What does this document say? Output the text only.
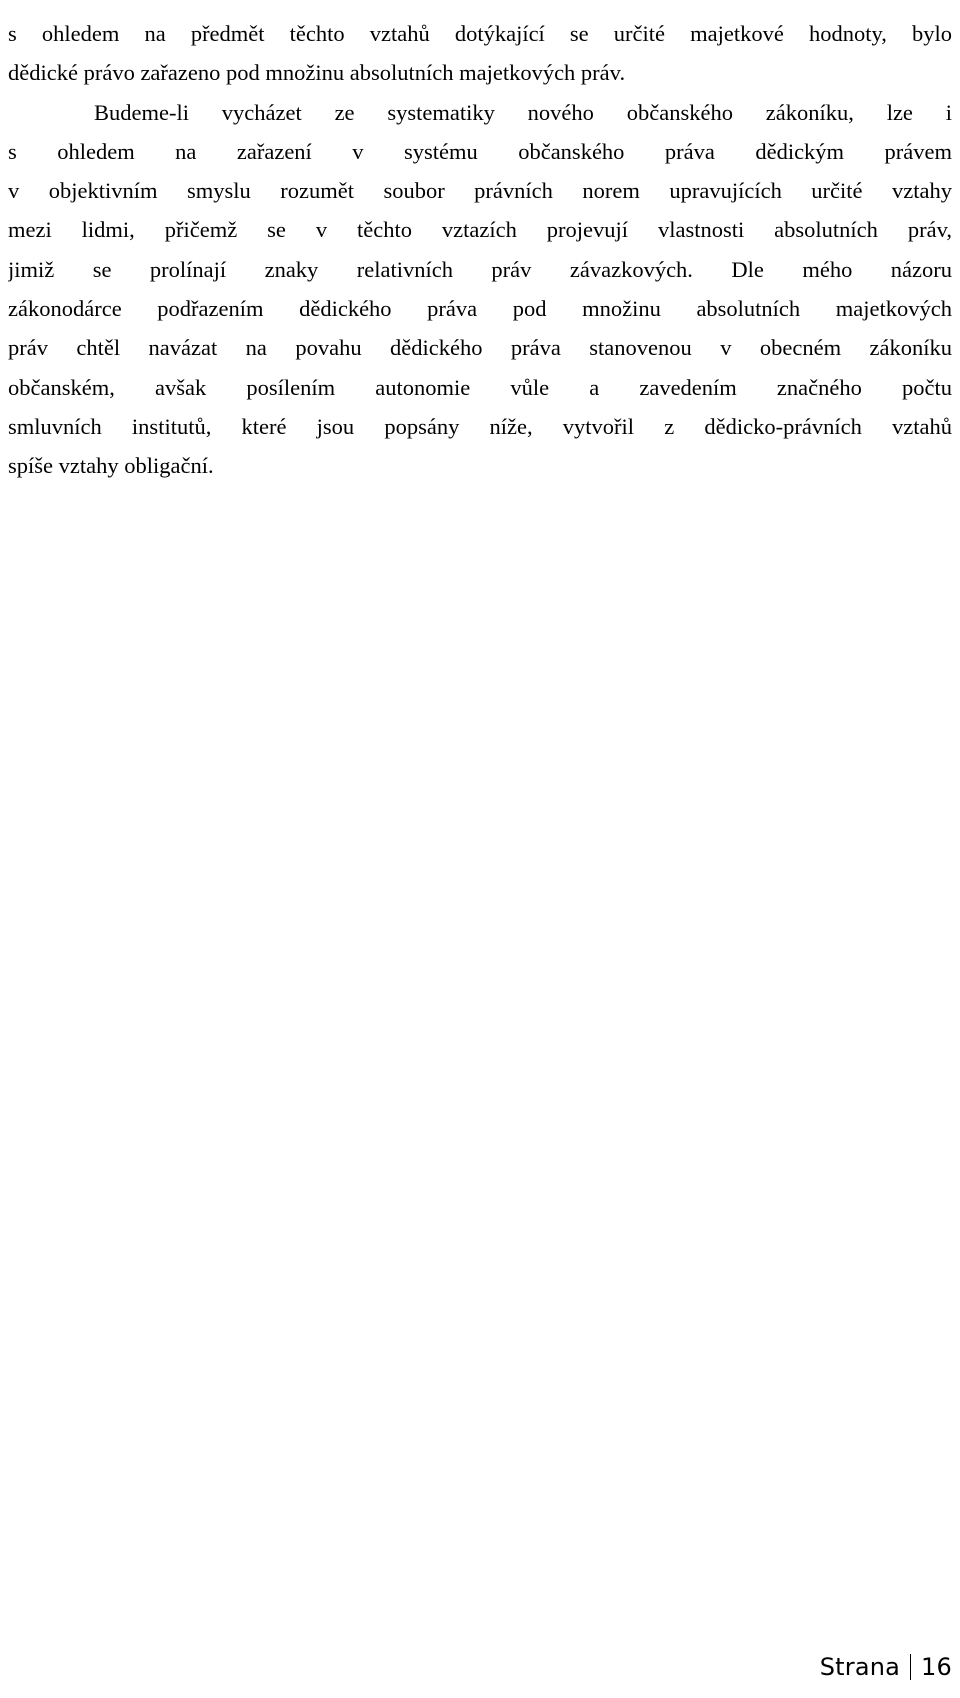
s ohledem na předmět těchto vztahů dotýkající se určité majetkové hodnoty, bylo
dědické právo zařazeno pod množinu absolutních majetkových práv.
Budeme-li vycházet ze systematiky nového občanského zákoníku, lze i
s ohledem na zařazení v systému občanského práva dědickým právem
v objektivním smyslu rozumět soubor právních norem upravujících určité vztahy
mezi lidmi, přičemž se v těchto vztazích projevují vlastnosti absolutních práv,
jimiž se prolínají znaky relativních práv závazkových. Dle mého názoru
zákonodárce podřazením dědického práva pod množinu absolutních majetkových
práv chtěl navázat na povahu dědického práva stanovenou v obecném zákoníku
občanském, avšak posílením autonomie vůle a zavedením značného počtu
smluvních institutů, které jsou popsány níže, vytvořil z dědicko-právních vztahů
spíše vztahy obligační.
Strana 16
